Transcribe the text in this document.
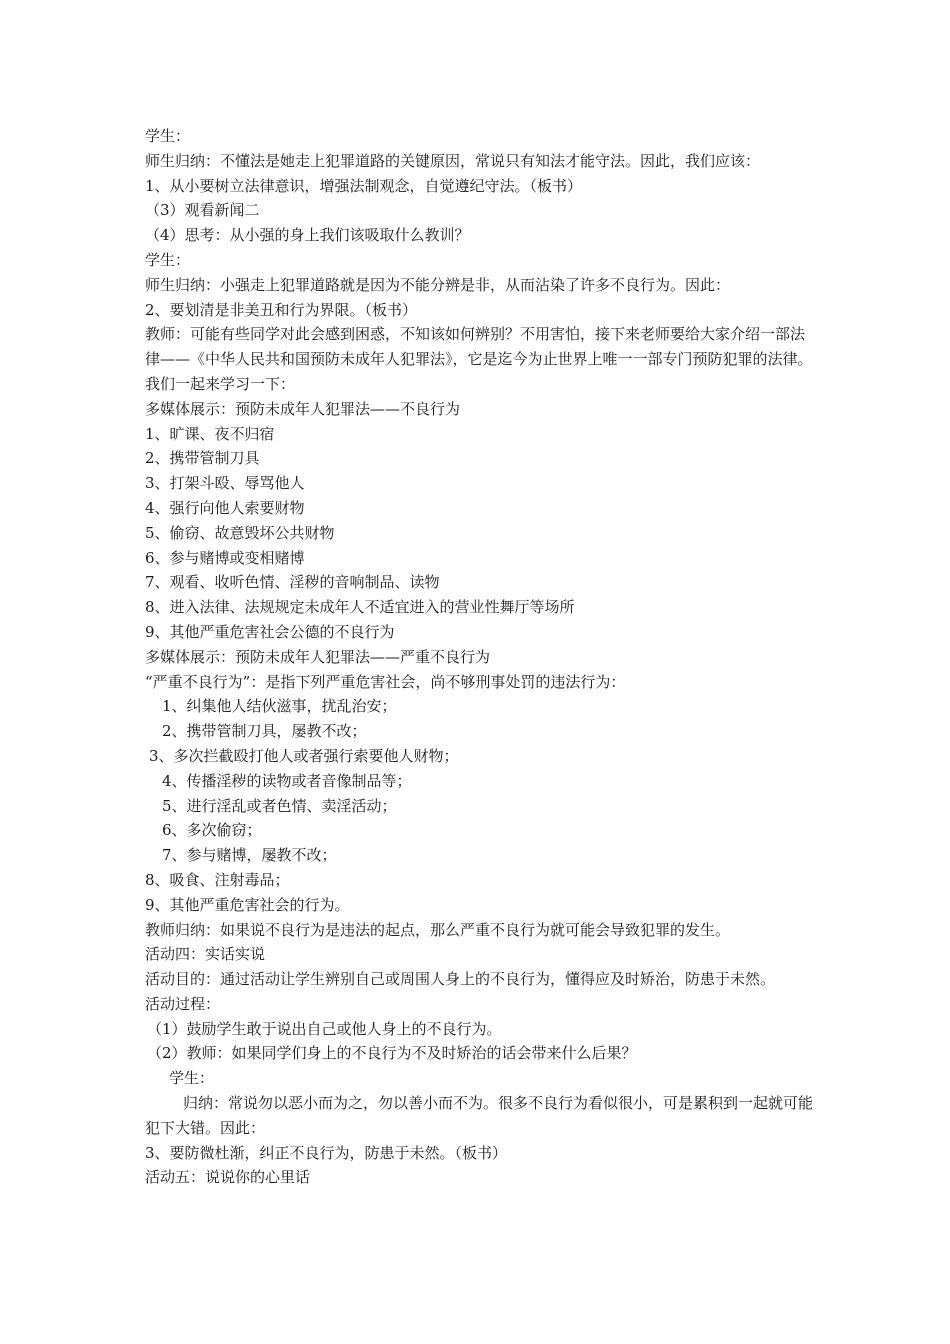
学生：
师生归纳：不懂法是她走上犯罪道路的关键原因，常说只有知法才能守法。因此，我们应该：
1、从小要树立法律意识，增强法制观念，自觉遵纪守法。（板书）
（3）观看新闻二
（4）思考：从小强的身上我们该吸取什么教训？
学生：
师生归纳：小强走上犯罪道路就是因为不能分辨是非，从而沾染了许多不良行为。因此：
2、要划清是非美丑和行为界限。（板书）
教师：可能有些同学对此会感到困惑，不知该如何辨别？不用害怕，接下来老师要给大家介绍一部法律——《中华人民共和国预防未成年人犯罪法》，它是迄今为止世界上唯一一部专门预防犯罪的法律。我们一起来学习一下：
多媒体展示：预防未成年人犯罪法——不良行为
1、旷课、夜不归宿
2、携带管制刀具
3、打架斗殴、辱骂他人
4、强行向他人索要财物
5、偷窃、故意毁坏公共财物
6、参与赌博或变相赌博
7、观看、收听色情、淫秽的音响制品、读物
8、进入法律、法规规定未成年人不适宜进入的营业性舞厅等场所
9、其他严重危害社会公德的不良行为
多媒体展示：预防未成年人犯罪法——严重不良行为
“严重不良行为”：是指下列严重危害社会，尚不够刑事处罚的违法行为：
1、纠集他人结伙滋事，扰乱治安；
2、携带管制刀具，屡教不改；
3、多次拦截殴打他人或者强行索要他人财物；
4、传播淫秽的读物或者音像制品等；
5、进行淫乱或者色情、卖淫活动；
6、多次偷窃；
7、参与赌博，屡教不改；
8、吸食、注射毒品；
9、其他严重危害社会的行为。
教师归纳：如果说不良行为是违法的起点，那么严重不良行为就可能会导致犯罪的发生。
活动四：实话实说
活动目的：通过活动让学生辨别自己或周围人身上的不良行为，懂得应及时矫治，防患于未然。
活动过程：
（1）鼓励学生敢于说出自己或他人身上的不良行为。
（2）教师：如果同学们身上的不良行为不及时矫治的话会带来什么后果？
学生：
归纳：常说勿以恶小而为之，勿以善小而不为。很多不良行为看似很小，可是累积到一起就可能犯下大错。因此：
3、要防微杜渐，纠正不良行为，防患于未然。（板书）
活动五：说说你的心里话
